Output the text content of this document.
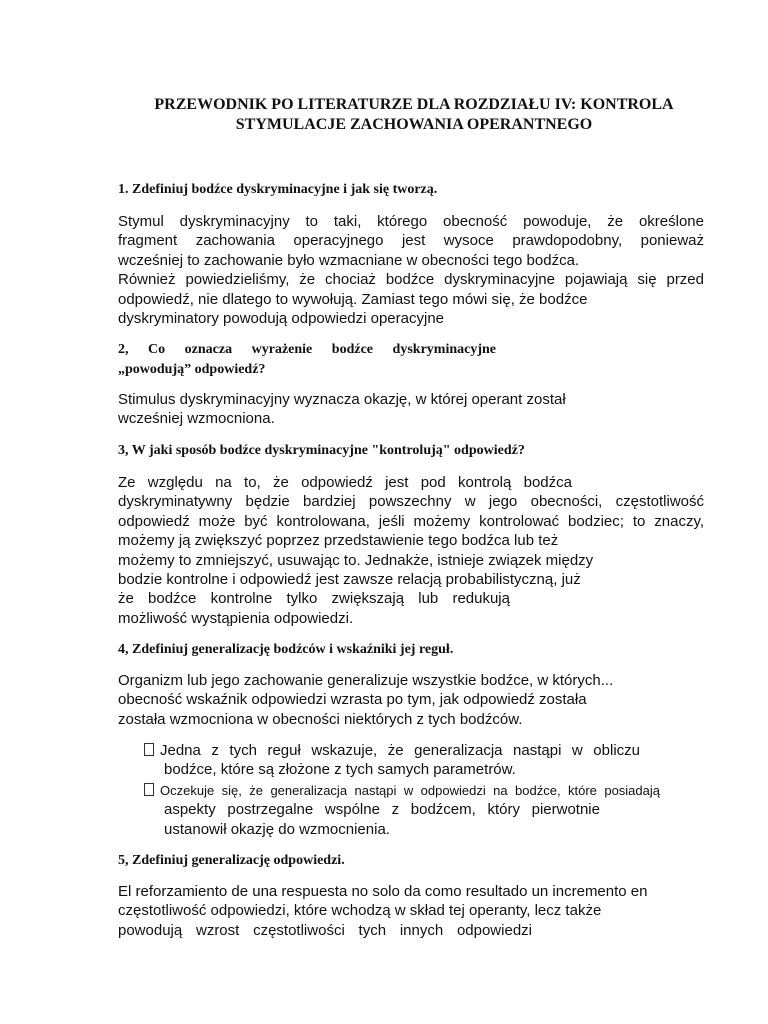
PRZEWODNIK PO LITERATURZE DLA ROZDZIAŁU IV: KONTROLA
STYMULACJE ZACHOWANIA OPERANTNEGO
1. Zdefiniuj bodźce dyskryminacyjne i jak się tworzą.
Stymul dyskryminacyjny to taki, którego obecność powoduje, że określone
fragment zachowania operacyjnego jest wysoce prawdopodobny, ponieważ
wcześniej to zachowanie było wzmacniane w obecności tego bodźca.
Również powiedzieliśmy, że chociaż bodźce dyskryminacyjne pojawiają się przed
odpowiedź, nie dlatego to wywołują. Zamiast tego mówi się, że bodźce
dyskryminatory powodują odpowiedzi operacyjne
2, Co oznacza wyrażenie bodźce dyskryminacyjne
„powodują” odpowiedź?
Stimulus dyskryminacyjny wyznacza okazję, w której operant został
wcześniej wzmocniona.
3, W jaki sposób bodźce dyskryminacyjne "kontrolują" odpowiedź?
Ze względu na to, że odpowiedź jest pod kontrolą bodźca
dyskryminatywny będzie bardziej powszechny w jego obecności, częstotliwość
odpowiedź może być kontrolowana, jeśli możemy kontrolować bodziec; to znaczy,
możemy ją zwiększyć poprzez przedstawienie tego bodźca lub też
możemy to zmniejszyć, usuwając to. Jednakże, istnieje związek między
bodzie kontrolne i odpowiedź jest zawsze relacją probabilistyczną, już
że bodźce kontrolne tylko zwiększają lub redukują
możliwość wystąpienia odpowiedzi.
4, Zdefiniuj generalizację bodźców i wskaźniki jej reguł.
Organizm lub jego zachowanie generalizuje wszystkie bodźce, w których...
obecność wskaźnik odpowiedzi wzrasta po tym, jak odpowiedź została
została wzmocniona w obecności niektórych z tych bodźców.
Jedna z tych reguł wskazuje, że generalizacja nastąpi w obliczu
bodźce, które są złożone z tych samych parametrów.
Oczekuje się, że generalizacja nastąpi w odpowiedzi na bodźce, które posiadają
aspekty postrzegalne wspólne z bodźcem, który pierwotnie
ustanowił okazję do wzmocnienia.
5, Zdefiniuj generalizację odpowiedzi.
El reforzamiento de una respuesta no solo da como resultado un incremento en
częstotliwość odpowiedzi, które wchodzą w skład tej operanty, lecz także
powodują wzrost częstotliwości tych innych odpowiedzi
